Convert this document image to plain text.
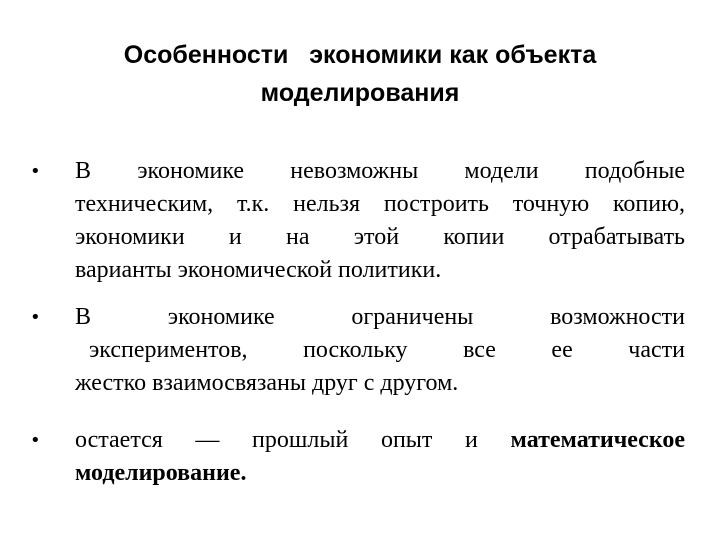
Особенности   экономики как объекта
моделирования
•	В экономике невозможны модели подобные
техническим, т.к. нельзя построить точную копию,
экономики и на этой копии отрабатывать
варианты экономической политики.
•	В экономике ограничены возможности
экспериментов, поскольку все ее части
жестко взаимосвязаны друг с другом.
•	остается — прошлый опыт и математическое
моделирование.
